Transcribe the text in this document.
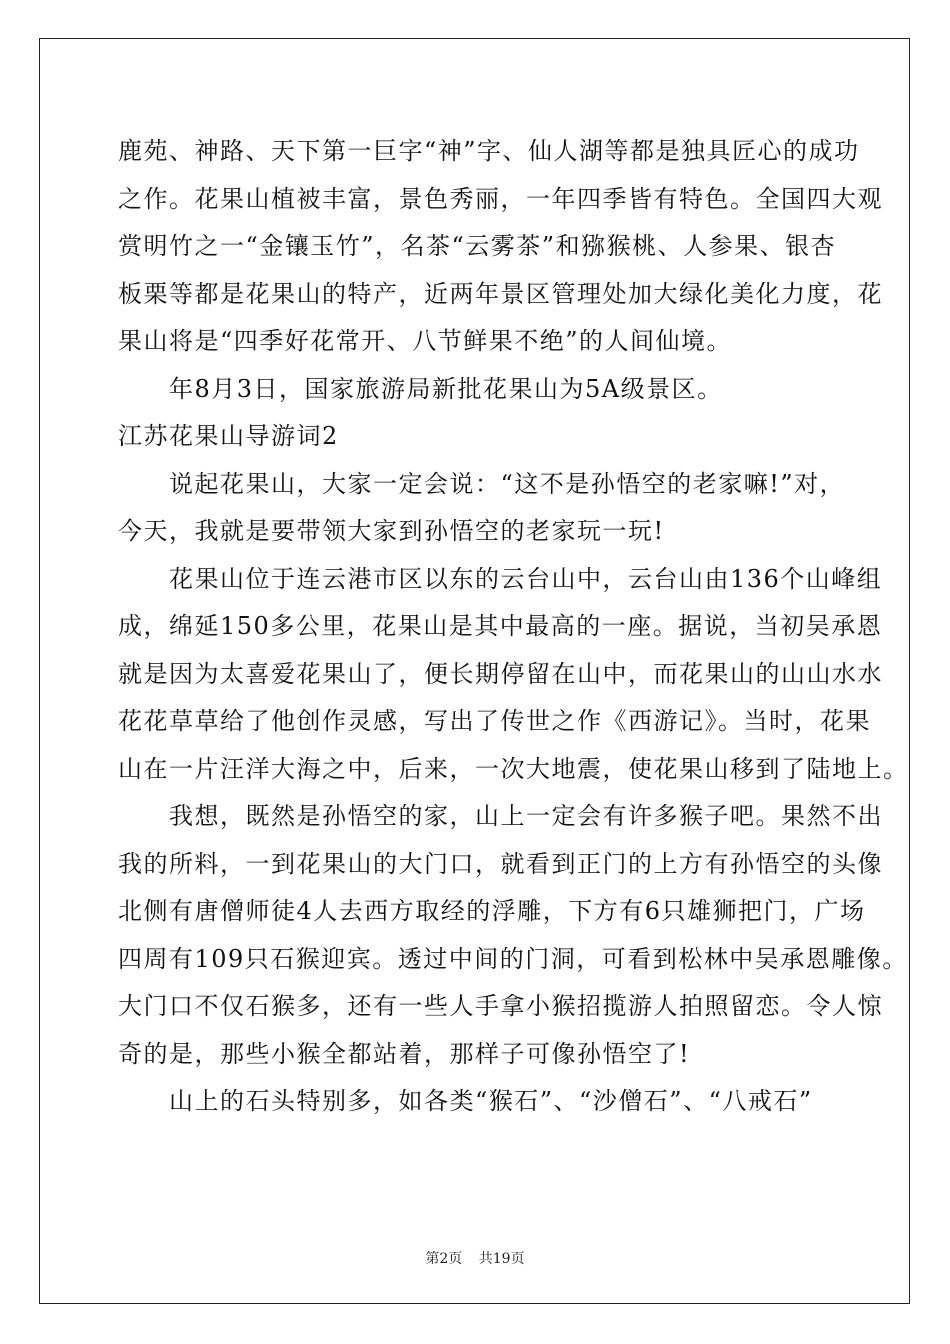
鹿苑、神路、天下第一巨字“神”字、仙人湖等都是独具匠心的成功
之作。花果山植被丰富，景色秀丽，一年四季皆有特色。全国四大观
赏明竹之一“金镶玉竹”，名茶“云雾茶”和猕猴桃、人参果、银杏
板栗等都是花果山的特产，近两年景区管理处加大绿化美化力度，花
果山将是“四季好花常开、八节鲜果不绝”的人间仙境。
　　年8月3日，国家旅游局新批花果山为5A级景区。
江苏花果山导游词2
　　说起花果山，大家一定会说：“这不是孙悟空的老家嘛!”对，
今天，我就是要带领大家到孙悟空的老家玩一玩!
　　花果山位于连云港市区以东的云台山中，云台山由136个山峰组
成，绵延150多公里，花果山是其中最高的一座。据说，当初吴承恩
就是因为太喜爱花果山了，便长期停留在山中，而花果山的山山水水
花花草草给了他创作灵感，写出了传世之作《西游记》。当时，花果
山在一片汪洋大海之中，后来，一次大地震，使花果山移到了陆地上。
　　我想，既然是孙悟空的家，山上一定会有许多猴子吧。果然不出
我的所料，一到花果山的大门口，就看到正门的上方有孙悟空的头像
北侧有唐僧师徒4人去西方取经的浮雕，下方有6只雄狮把门，广场
四周有109只石猴迎宾。透过中间的门洞，可看到松林中吴承恩雕像。
大门口不仅石猴多，还有一些人手拿小猴招揽游人拍照留恋。令人惊
奇的是，那些小猴全都站着，那样子可像孙悟空了!
　　山上的石头特别多，如各类“猴石”、“沙僧石”、“八戒石”
第2页 共19页
